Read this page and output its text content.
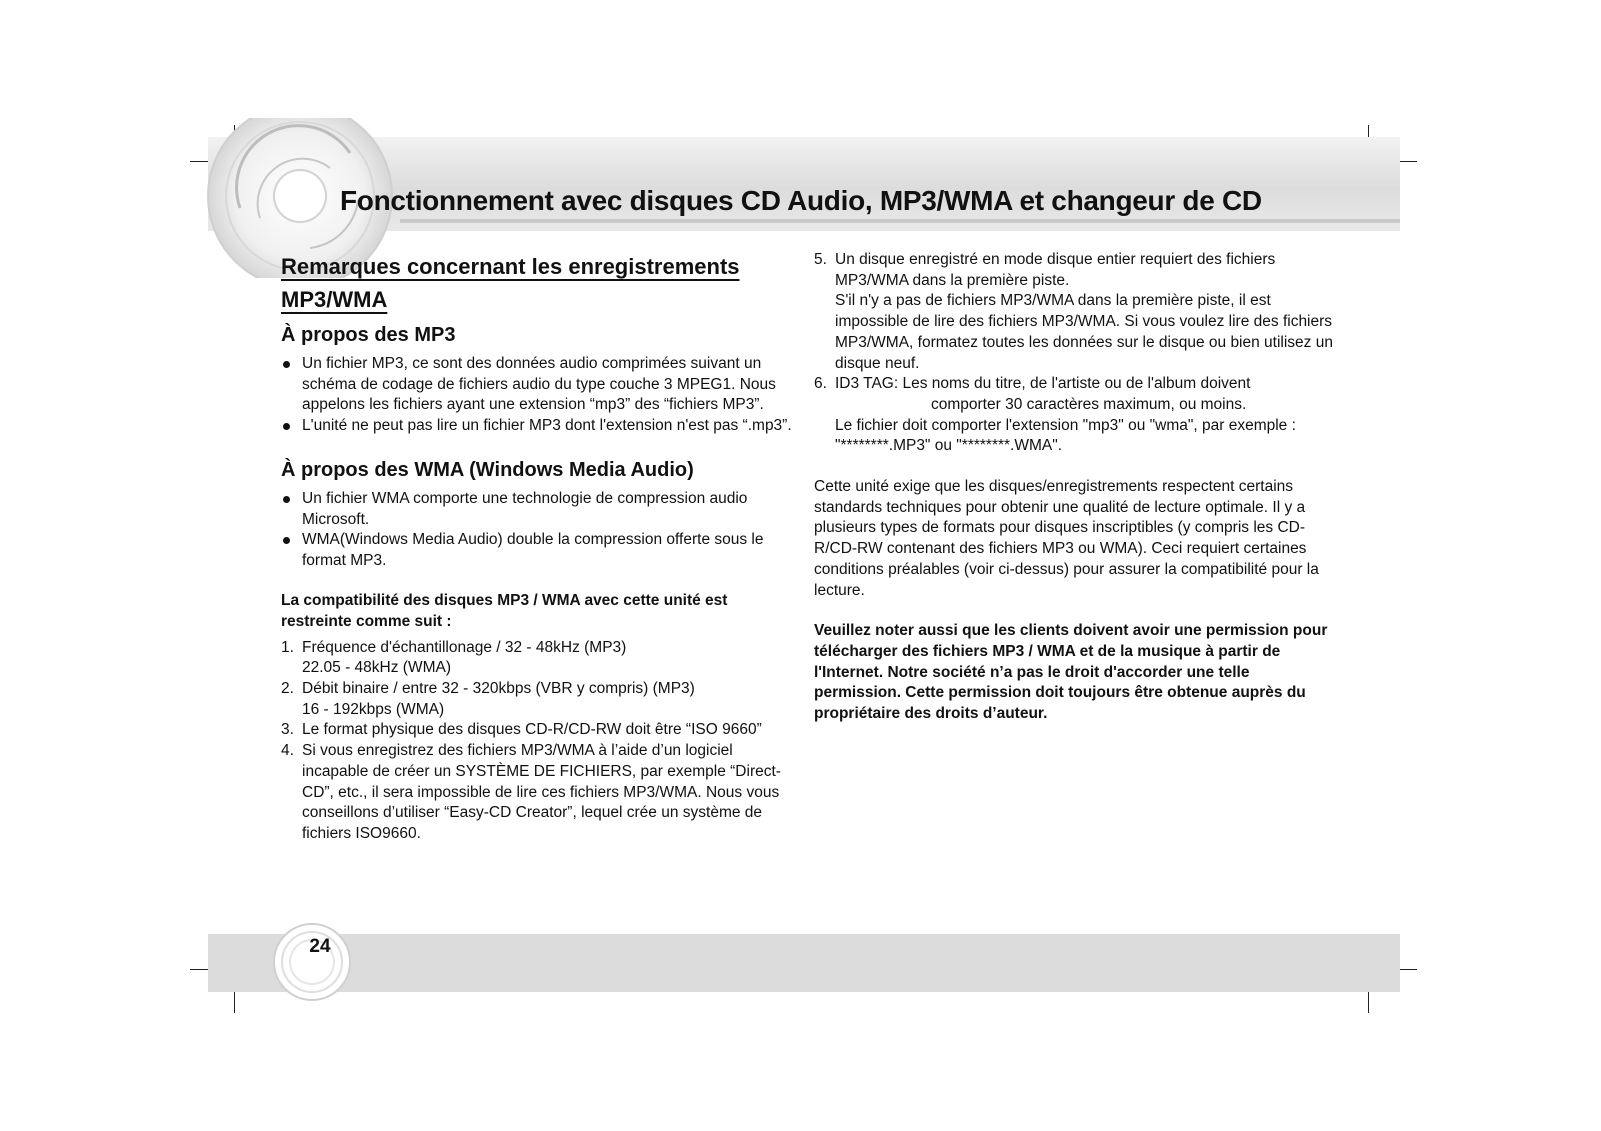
Fonctionnement avec disques CD Audio, MP3/WMA et changeur de CD
Remarques concernant les enregistrements
MP3/WMA
À propos des MP3
Un fichier MP3, ce sont des données audio comprimées suivant un schéma de codage de fichiers audio du type couche 3 MPEG1. Nous appelons les fichiers ayant une extension “mp3” des “fichiers MP3”.
L'unité ne peut pas lire un fichier MP3 dont l'extension n'est pas “.mp3”.
À propos des WMA (Windows Media Audio)
Un fichier WMA comporte une technologie de compression audio Microsoft.
WMA(Windows Media Audio) double la compression offerte sous le format MP3.
La compatibilité des disques MP3 / WMA avec cette unité est restreinte comme suit :
1. Fréquence d'échantillonage / 32 - 48kHz (MP3)
22.05 - 48kHz (WMA)
2. Débit binaire / entre 32 - 320kbps (VBR y compris) (MP3)
16 - 192kbps (WMA)
3. Le format physique des disques CD-R/CD-RW doit être “ISO 9660”
4. Si vous enregistrez des fichiers MP3/WMA à l’aide d’un logiciel incapable de créer un SYSTÈME DE FICHIERS, par exemple “Direct-CD”, etc., il sera impossible de lire ces fichiers MP3/WMA. Nous vous conseillons d’utiliser “Easy-CD Creator”, lequel crée un système de fichiers ISO9660.
5. Un disque enregistré en mode disque entier requiert des fichiers MP3/WMA dans la première piste.
S'il n'y a pas de fichiers MP3/WMA dans la première piste, il est impossible de lire des fichiers MP3/WMA. Si vous voulez lire des fichiers MP3/WMA, formatez toutes les données sur le disque ou bien utilisez un disque neuf.
6. ID3 TAG: Les noms du titre, de l'artiste ou de l'album doivent
comporter 30 caractères maximum, ou moins.
Le fichier doit comporter l'extension "mp3" ou "wma", par exemple : "********.MP3" ou "********.WMA".

Cette unité exige que les disques/enregistrements respectent certains standards techniques pour obtenir une qualité de lecture optimale. Il y a plusieurs types de formats pour disques inscriptibles (y compris les CD-R/CD-RW contenant des fichiers MP3 ou WMA). Ceci requiert certaines conditions préalables (voir ci-dessus) pour assurer la compatibilité pour la lecture.

Veuillez noter aussi que les clients doivent avoir une permission pour télécharger des fichiers MP3 / WMA et de la musique à partir de l'Internet. Notre société n’a pas le droit d'accorder une telle permission. Cette permission doit toujours être obtenue auprès du propriétaire des droits d’auteur.

24
